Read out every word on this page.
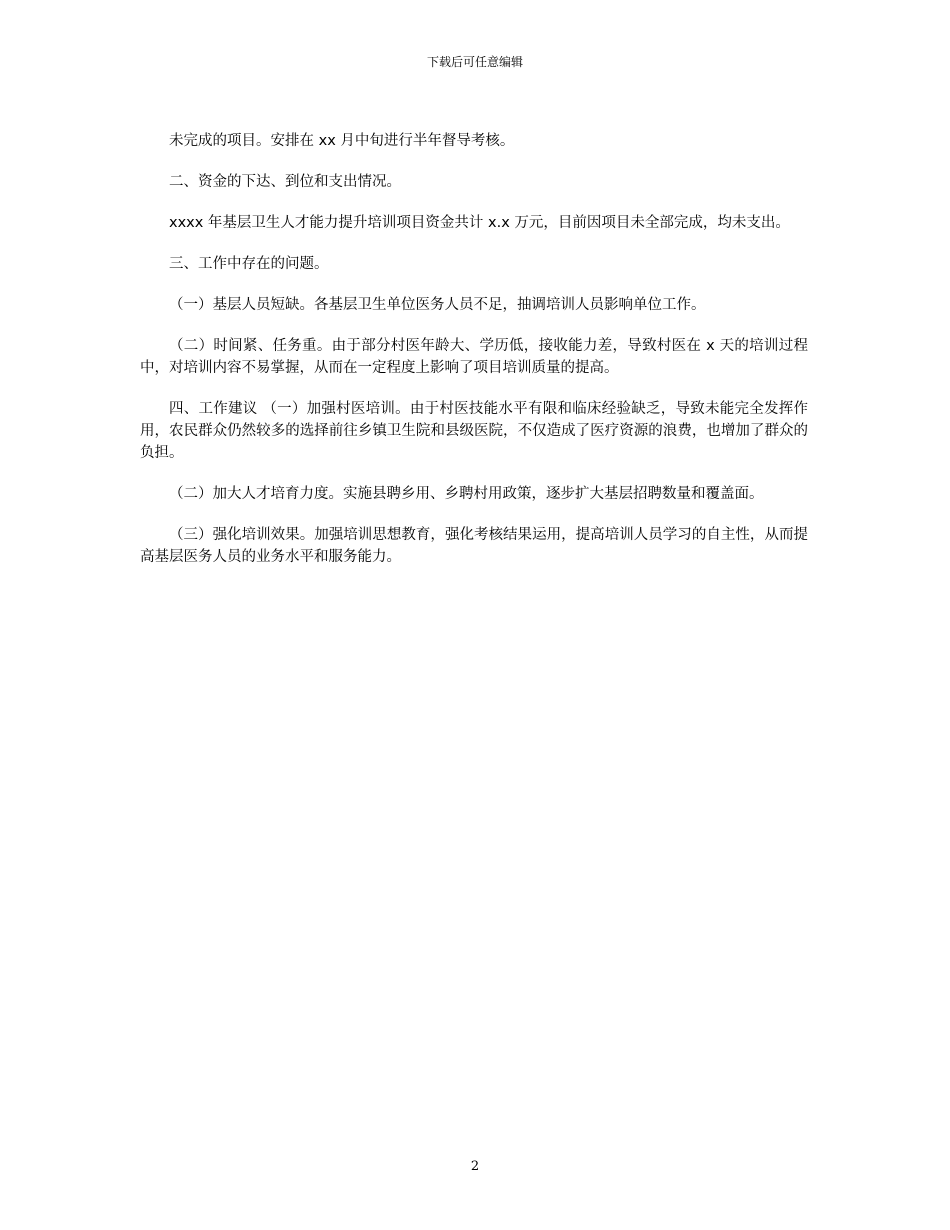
下载后可任意编辑

未完成的项目。安排在 xx 月中旬进行半年督导考核。

二、资金的下达、到位和支出情况。

xxxx 年基层卫生人才能力提升培训项目资金共计 x.x 万元，目前因项目未全部完成，均未支出。

三、工作中存在的问题。

（一）基层人员短缺。各基层卫生单位医务人员不足，抽调培训人员影响单位工作。

（二）时间紧、任务重。由于部分村医年龄大、学历低，接收能力差，导致村医在 x 天的培训过程中，对培训内容不易掌握，从而在一定程度上影响了项目培训质量的提高。

四、工作建议 （一）加强村医培训。由于村医技能水平有限和临床经验缺乏，导致未能完全发挥作用，农民群众仍然较多的选择前往乡镇卫生院和县级医院，不仅造成了医疗资源的浪费，也增加了群众的负担。

（二）加大人才培育力度。实施县聘乡用、乡聘村用政策，逐步扩大基层招聘数量和覆盖面。

（三）强化培训效果。加强培训思想教育，强化考核结果运用，提高培训人员学习的自主性，从而提高基层医务人员的业务水平和服务能力。

2
